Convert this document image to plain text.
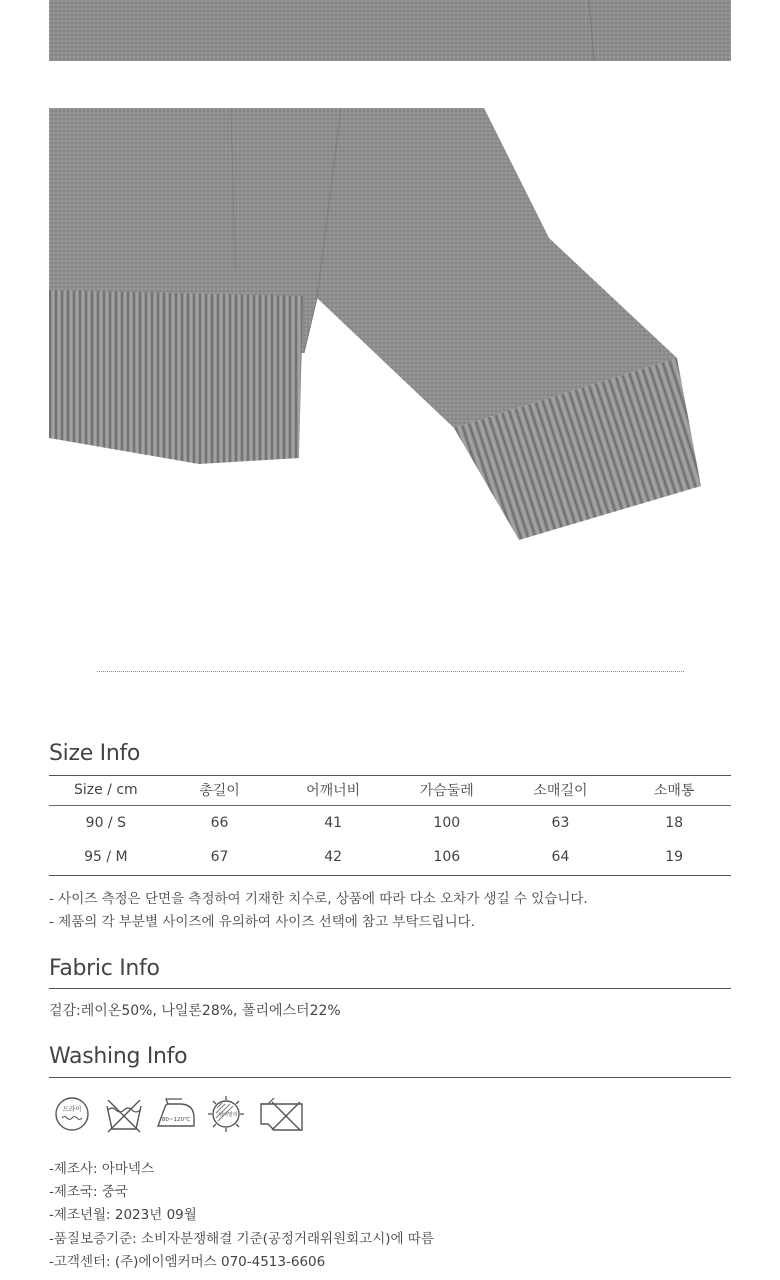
Size Info
Size / cm	총길이	어깨너비	가슴둘레	소매길이	소매통
90 / S	66	41	100	63	18
95 / M	67	42	106	64	19
- 사이즈 측정은 단면을 측정하여 기재한 치수로, 상품에 따라 다소 오차가 생길 수 있습니다.
- 제품의 각 부분별 사이즈에 유의하여 사이즈 선택에 참고 부탁드립니다.
Fabric Info
겉감:레이온50%, 나일론28%, 폴리에스터22%
Washing Info
드라이
80~120℃
뉘어말리
-제조사: 아마넥스
-제조국: 중국
-제조년월: 2023년 09월
-품질보증기준: 소비자분쟁해결 기준(공정거래위원회고시)에 따름
-고객센터: (주)에이엠커머스 070-4513-6606
